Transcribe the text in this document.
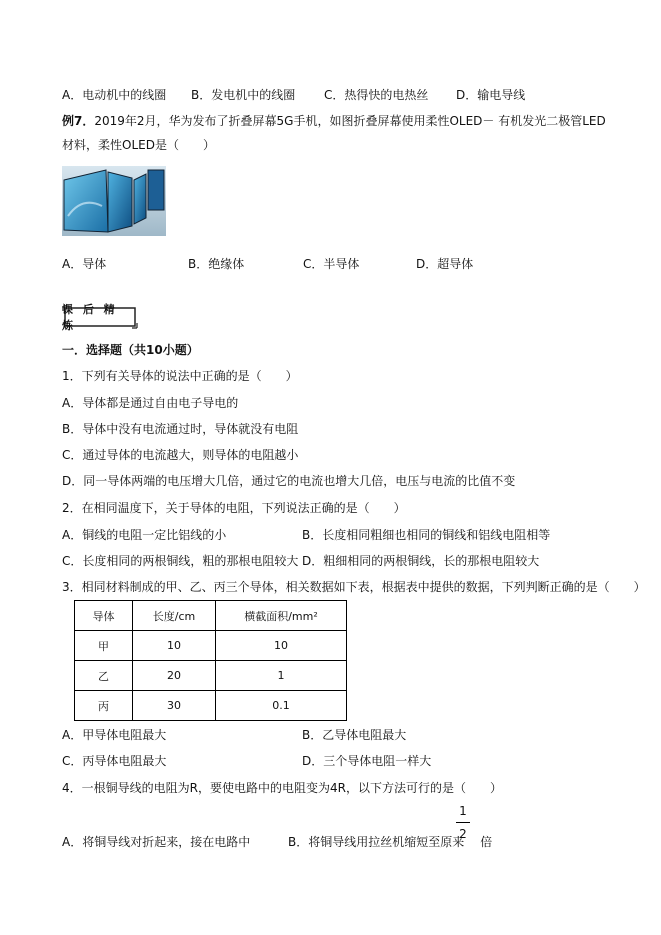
A．电动机中的线圈 B．发电机中的线圈 C．热得快的电热丝 D．输电导线
例7．2019年2月，华为发布了折叠屏幕5G手机，如图折叠屏幕使用柔性OLED－ 有机发光二极管LED
材料，柔性OLED是（　　）
A．导体	B．绝缘体	C．半导体	D．超导体
课 后 精 炼
一．选择题（共10小题）
1．下列有关导体的说法中正确的是（　　）
A．导体都是通过自由电子导电的
B．导体中没有电流通过时，导体就没有电阻
C．通过导体的电流越大，则导体的电阻越小
D．同一导体两端的电压增大几倍，通过它的电流也增大几倍，电压与电流的比值不变
2．在相同温度下，关于导体的电阻，下列说法正确的是（　　）
A．铜线的电阻一定比铝线的小	B．长度相同粗细也相同的铜线和铝线电阻相等
C．长度相同的两根铜线，粗的那根电阻较大 D．粗细相同的两根铜线，长的那根电阻较大
3．相同材料制成的甲、乙、丙三个导体，相关数据如下表，根据表中提供的数据，下列判断正确的是（　　）
导体	长度/cm	横截面积/mm²
甲	10	10
乙	20	1
丙	30	0.1
A．甲导体电阻最大	B．乙导体电阻最大
C．丙导体电阻最大	D．三个导体电阻一样大
4．一根铜导线的电阻为R，要使电路中的电阻变为4R，以下方法可行的是（　　）
1
2
A．将铜导线对折起来，接在电路中	B．将铜导线用拉丝机缩短至原来 倍
